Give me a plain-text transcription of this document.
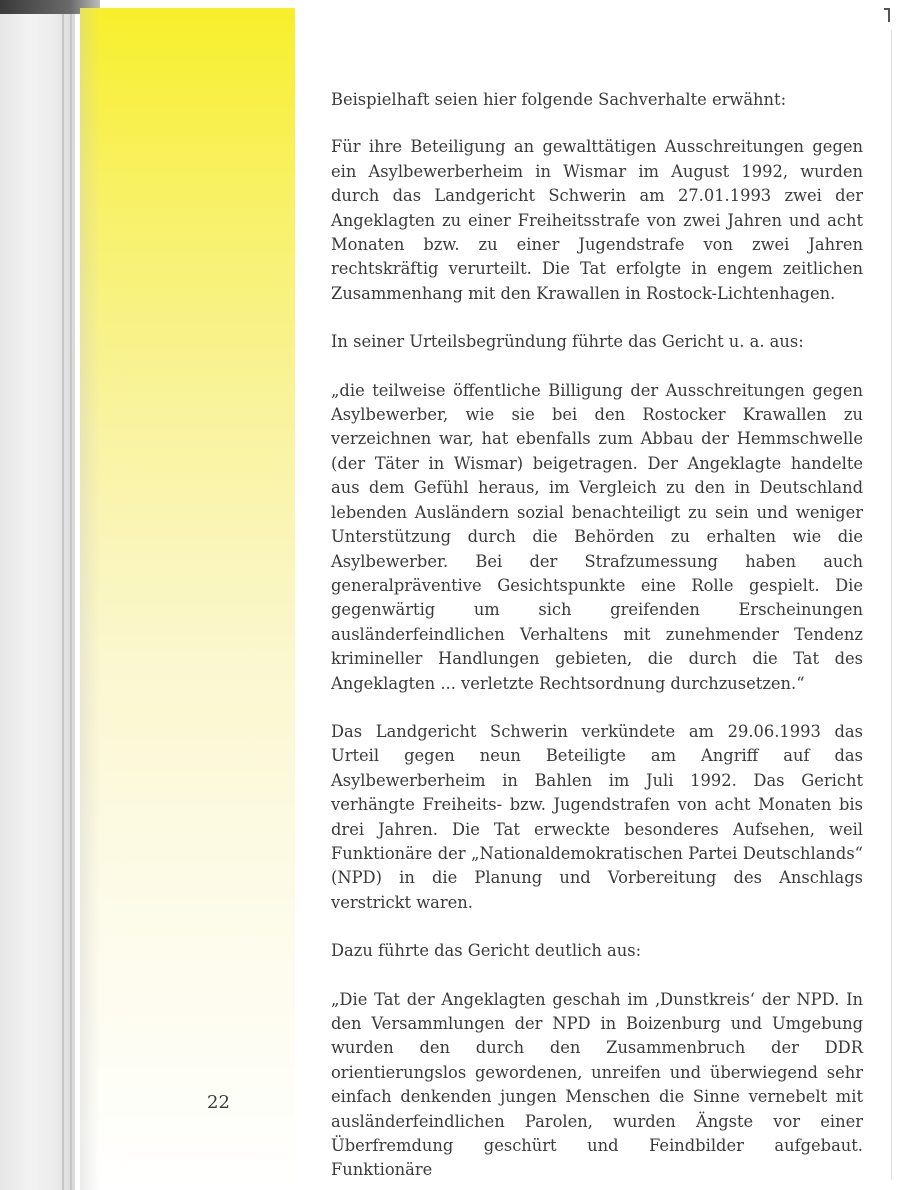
Beispielhaft seien hier folgende Sachverhalte erwähnt:

Für ihre Beteiligung an gewalttätigen Ausschreitungen gegen ein Asylbewerberheim in Wismar im August 1992, wurden durch das Landgericht Schwerin am 27.01.1993 zwei der Angeklagten zu einer Freiheitsstrafe von zwei Jahren und acht Monaten bzw. zu einer Jugendstrafe von zwei Jahren rechtskräftig verurteilt. Die Tat erfolgte in engem zeitlichen Zusammenhang mit den Krawallen in Rostock-Lichtenhagen.

In seiner Urteilsbegründung führte das Gericht u. a. aus:

„die teilweise öffentliche Billigung der Ausschreitungen gegen Asylbewerber, wie sie bei den Rostocker Krawallen zu verzeichnen war, hat ebenfalls zum Abbau der Hemmschwelle (der Täter in Wismar) beigetragen. Der Angeklagte handelte aus dem Gefühl heraus, im Vergleich zu den in Deutschland lebenden Ausländern sozial benachteiligt zu sein und weniger Unterstützung durch die Behörden zu erhalten wie die Asylbewerber. Bei der Strafzumessung haben auch generalpräventive Gesichtspunkte eine Rolle gespielt. Die gegenwärtig um sich greifenden Erscheinungen ausländerfeindlichen Verhaltens mit zunehmender Tendenz krimineller Handlungen gebieten, die durch die Tat des Angeklagten ... verletzte Rechtsordnung durchzusetzen.“

Das Landgericht Schwerin verkündete am 29.06.1993 das Urteil gegen neun Beteiligte am Angriff auf das Asylbewerberheim in Bahlen im Juli 1992. Das Gericht verhängte Freiheits- bzw. Jugendstrafen von acht Monaten bis drei Jahren. Die Tat erweckte besonderes Aufsehen, weil Funktionäre der „Nationaldemokratischen Partei Deutschlands“ (NPD) in die Planung und Vorbereitung des Anschlags verstrickt waren.

Dazu führte das Gericht deutlich aus:

„Die Tat der Angeklagten geschah im ‚Dunstkreis‘ der NPD. In den Versammlungen der NPD in Boizenburg und Umgebung wurden den durch den Zusammenbruch der DDR orientierungslos gewordenen, unreifen und überwiegend sehr einfach denkenden jungen Menschen die Sinne vernebelt mit ausländerfeindlichen Parolen, wurden Ängste vor einer Überfremdung geschürt und Feindbilder aufgebaut. Funktionäre

22
